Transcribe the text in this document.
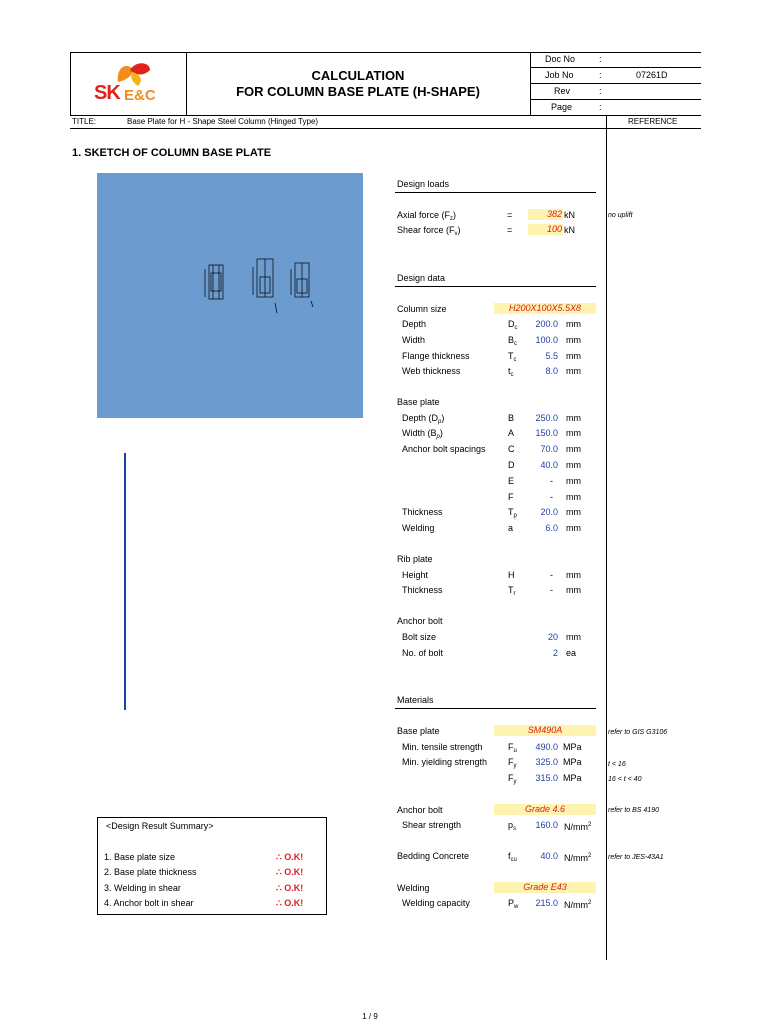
SK E&C
CALCULATION
FOR COLUMN BASE PLATE (H-SHAPE)
Doc No	:
Job No	:	07261D
Rev	:
Page	:
TITLE:	Base Plate for H - Shape Steel Column (Hinged Type)	REFERENCE
1. SKETCH OF COLUMN BASE PLATE
Design loads
Axial force $(F_z)$	=	382 kN	no uplift
Shear force $(F_v)$	=	100 kN
Design data
Column size	H200X100X5.5X8
Depth	$D_c$	200.0 mm
Width	$B_c$	100.0 mm
Flange thickness	$T_c$	5.5 mm
Web thickness	$t_c$	8.0 mm
Base plate
Depth $(D_p)$	B	250.0 mm
Width $(B_p)$	A	150.0 mm
Anchor bolt spacings C	70.0 mm
D	40.0 mm
E	- mm
F	- mm
Thickness	$T_p$	20.0 mm
Welding	a	6.0 mm
Rib plate
Height	H	- mm
Thickness	$T_r$	- mm
Anchor bolt
Bolt size	20 mm
No. of bolt	2 ea
Materials
Base plate	SM490A	refer to GIS G3106
Min. tensile strength	$F_u$	490.0 MPa
Min. yielding strength	$F_y$	325.0 MPa	t < 16
$F_y$	315.0 MPa	16 < t < 40
Anchor bolt	Grade 4.6	refer to BS 4190
Shear strength	$p_s$	160.0 $N/mm^2$
Bedding Concrete	$f_{cu}$	40.0 $N/mm^2$ refer to JES-43A1
Welding	Grade E43
Welding capacity	$P_w$	215.0 $N/mm^2$
<Design Result Summary>
1. Base plate size	∴ O.K!
2. Base plate thickness	∴ O.K!
3. Welding in shear	∴ O.K!
4. Anchor bolt in shear	∴ O.K!
1 / 9
